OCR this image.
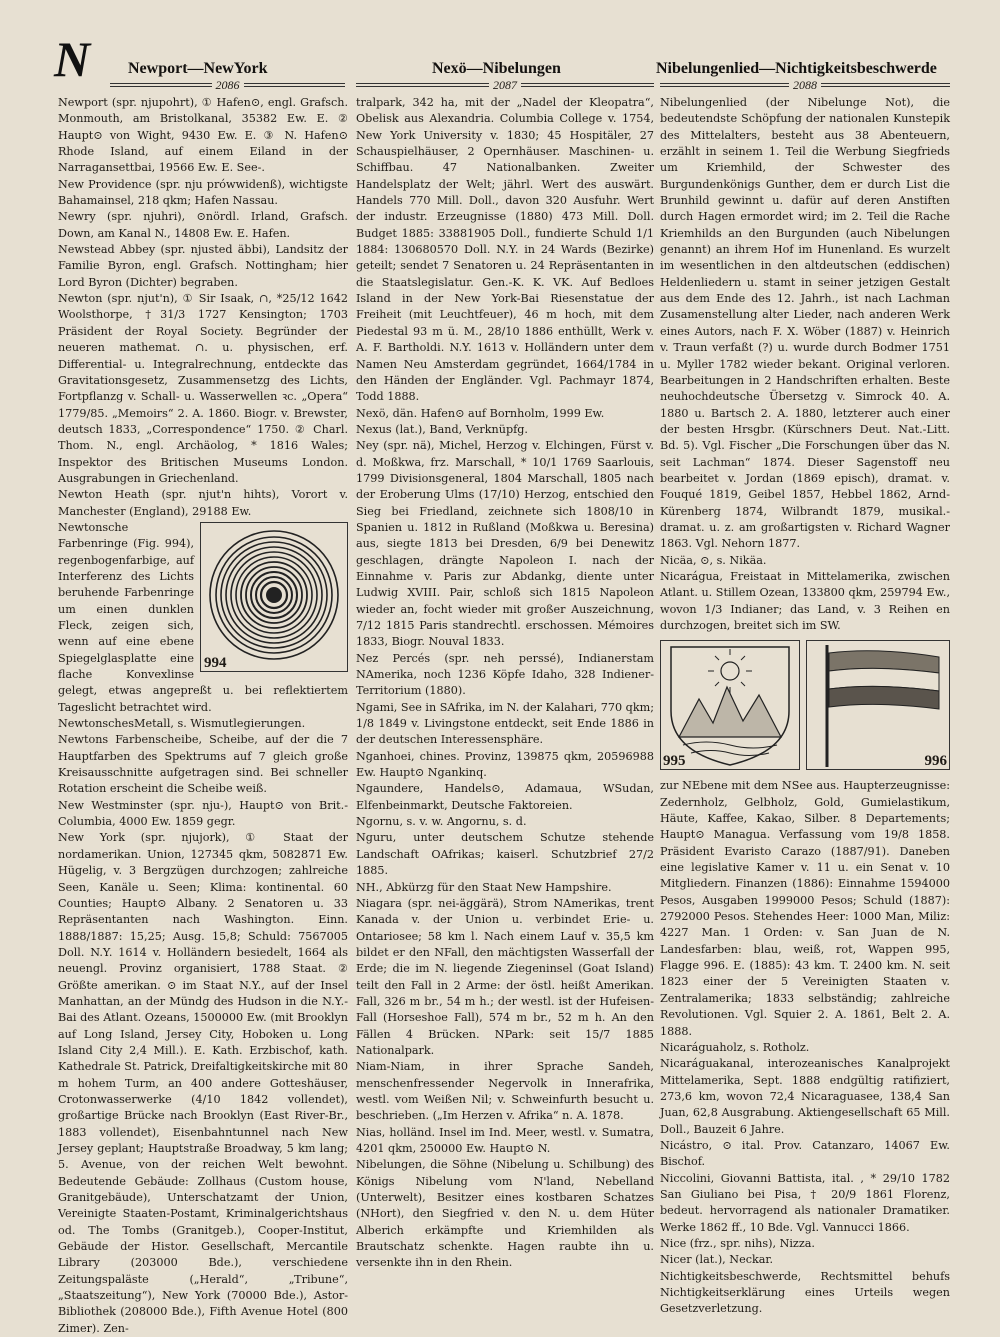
N Newport—NewYork	Nexö—Nibelungen	Nibelungenlied—Nichtigkeitsbeschwerde
2086	2087	2088

Newport (spr. njupohrt), ① Hafen⊙, engl. Grafsch. Monmouth, am Bristolkanal, 35382 Ew. E. ② Haupt⊙ von Wight, 9430 Ew. E. ③ N. Hafen⊙ Rhode Island, auf einem Eiland in der Narragansettbai, 19566 Ew. E. See-.

New Providence (spr. nju prówwidenß), wichtigste Bahamainsel, 218 qkm; Hafen Nassau.

Newry (spr. njuhri), ⊙nördl. Irland, Grafsch. Down, am Kanal N., 14808 Ew. E. Hafen.

Newstead Abbey (spr. njusted äbbi), Landsitz der Familie Byron, engl. Grafsch. Nottingham; hier Lord Byron (Dichter) begraben.

Newton (spr. njut'n), ① Sir Isaak, ∩, *25/12 1642 Woolsthorpe, †31/3 1727 Kensington; 1703 Präsident der Royal Society. Begründer der neueren mathemat. ∩. u. physischen, erf. Differential- u. Integralrechnung, entdeckte das Gravitationsgesetz, Zusammensetzg des Lichts, Fortpflanzg v. Schall- u. Wasserwellen ꝛc. „Opera“ 1779/85. „Memoirs“ 2. A. 1860. Biogr. v. Brewster, deutsch 1833, „Correspondence“ 1750. ② Charl. Thom. N., engl. Archäolog, * 1816 Wales; Inspektor des Britischen Museums London. Ausgrabungen in Griechenland.

Newton Heath (spr. njut'n hihts), Vorort v. Manchester (England), 29188 Ew.

994

Newtonsche Farbenringe (Fig. 994), regenbogenfarbige, auf Interferenz des Lichts beruhende Farbenringe um einen dunklen Fleck, zeigen sich, wenn auf eine ebene Spiegelglasplatte eine flache Konvexlinse gelegt, etwas angepreßt u. bei reflektiertem Tageslicht betrachtet wird.

NewtonschesMetall, s. Wismutlegierungen.

Newtons Farbenscheibe, Scheibe, auf der die 7 Hauptfarben des Spektrums auf 7 gleich große Kreisausschnitte aufgetragen sind. Bei schneller Rotation erscheint die Scheibe weiß.

New Westminster (spr. nju-), Haupt⊙ von Brit.-Columbia, 4000 Ew. 1859 gegr.

New York (spr. njujork), ① Staat der nordamerikan. Union, 127345 qkm, 5082871 Ew. Hügelig, v. 3 Bergzügen durchzogen; zahlreiche Seen, Kanäle u. Seen; Klima: kontinental. 60 Counties; Haupt⊙ Albany. 2 Senatoren u. 33 Repräsentanten nach Washington. Einn. 1888/1887: 15,25; Ausg. 15,8; Schuld: 7567005 Doll. N.Y. 1614 v. Holländern besiedelt, 1664 als neuengl. Provinz organisiert, 1788 Staat. ② Größte amerikan. ⊙ im Staat N.Y., auf der Insel Manhattan, an der Mündg des Hudson in die N.Y.-Bai des Atlant. Ozeans, 1500000 Ew. (mit Brooklyn auf Long Island, Jersey City, Hoboken u. Long Island City 2,4 Mill.). E. Kath. Erzbischof, kath. Kathedrale St. Patrick, Dreifaltigkeitskirche mit 80 m hohem Turm, an 400 andere Gotteshäuser, Crotonwasserwerke (4/10 1842 vollendet), großartige Brücke nach Brooklyn (East River-Br., 1883 vollendet), Eisenbahntunnel nach New Jersey geplant; Hauptstraße Broadway, 5 km lang; 5. Avenue, von der reichen Welt bewohnt. Bedeutende Gebäude: Zollhaus (Custom house, Granitgebäude), Unterschatzamt der Union, Vereinigte Staaten-Postamt, Kriminalgerichtshaus od. The Tombs (Granitgeb.), Cooper-Institut, Gebäude der Histor. Gesellschaft, Mercantile Library (203000 Bde.), verschiedene Zeitungspaläste („Herald“, „Tribune“, „Staatszeitung“), New York (70000 Bde.), Astor-Bibliothek (208000 Bde.), Fifth Avenue Hotel (800 Zimer). Zen-

tralpark, 342 ha, mit der „Nadel der Kleopatra“, Obelisk aus Alexandria. Columbia College v. 1754, New York University v. 1830; 45 Hospitäler, 27 Schauspielhäuser, 2 Opernhäuser. Maschinen- u. Schiffbau. 47 Nationalbanken. Zweiter Handelsplatz der Welt; jährl. Wert des auswärt. Handels 770 Mill. Doll., davon 320 Ausfuhr. Wert der industr. Erzeugnisse (1880) 473 Mill. Doll. Budget 1885: 33881905 Doll., fundierte Schuld 1/1 1884: 130680570 Doll. N.Y. in 24 Wards (Bezirke) geteilt; sendet 7 Senatoren u. 24 Repräsentanten in die Staatslegislatur. Gen.-K. K. VK. Auf Bedloes Island in der New York-Bai Riesenstatue der Freiheit (mit Leuchtfeuer), 46 m hoch, mit dem Piedestal 93 m ü. M., 28/10 1886 enthüllt, Werk v. A. F. Bartholdi. N.Y. 1613 v. Holländern unter dem Namen Neu Amsterdam gegründet, 1664/1784 in den Händen der Engländer. Vgl. Pachmayr 1874, Todd 1888.

Nexö, dän. Hafen⊙ auf Bornholm, 1999 Ew.

Nexus (lat.), Band, Verknüpfg.

Ney (spr. nä), Michel, Herzog v. Elchingen, Fürst v. d. Moßkwa, frz. Marschall, * 10/1 1769 Saarlouis, 1799 Divisionsgeneral, 1804 Marschall, 1805 nach der Eroberung Ulms (17/10) Herzog, entschied den Sieg bei Friedland, zeichnete sich 1808/10 in Spanien u. 1812 in Rußland (Moßkwa u. Beresina) aus, siegte 1813 bei Dresden, 6/9 bei Denewitz geschlagen, drängte Napoleon I. nach der Einnahme v. Paris zur Abdankg, diente unter Ludwig XVIII. Pair, schloß sich 1815 Napoleon wieder an, focht wieder mit großer Auszeichnung, 7/12 1815 Paris standrechtl. erschossen. Mémoires 1833, Biogr. Nouval 1833.

Nez Percés (spr. neh perssé), Indianerstam NAmerika, noch 1236 Köpfe Idaho, 328 Indiener-Territorium (1880).

Ngami, See in SAfrika, im N. der Kalahari, 770 qkm; 1/8 1849 v. Livingstone entdeckt, seit Ende 1886 in der deutschen Interessensphäre.

Nganhoei, chines. Provinz, 139875 qkm, 20596988 Ew. Haupt⊙ Ngankinq.

Ngaundere, Handels⊙, Adamaua, WSudan, Elfenbeinmarkt, Deutsche Faktoreien.

Ngornu, s. v. w. Angornu, s. d.

Nguru, unter deutschem Schutze stehende Landschaft OAfrikas; kaiserl. Schutzbrief 27/2 1885.

NH., Abkürzg für den Staat New Hampshire.

Niagara (spr. nei-äggärä), Strom NAmerikas, trent Kanada v. der Union u. verbindet Erie- u. Ontariosee; 58 km l. Nach einem Lauf v. 35,5 km bildet er den NFall, den mächtigsten Wasserfall der Erde; die im N. liegende Ziegeninsel (Goat Island) teilt den Fall in 2 Arme: der östl. heißt Amerikan. Fall, 326 m br., 54 m h.; der westl. ist der Hufeisen-Fall (Horseshoe Fall), 574 m br., 52 m h. An den Fällen 4 Brücken. NPark: seit 15/7 1885 Nationalpark.

Niam-Niam, in ihrer Sprache Sandeh, menschenfressender Negervolk in Innerafrika, westl. vom Weißen Nil; v. Schweinfurth besucht u. beschrieben. („Im Herzen v. Afrika“ n. A. 1878.

Nias, holländ. Insel im Ind. Meer, westl. v. Sumatra, 4201 qkm, 250000 Ew. Haupt⊙ N.

Nibelungen, die Söhne (Nibelung u. Schilbung) des Königs Nibelung vom N'land, Nebelland (Unterwelt), Besitzer eines kostbaren Schatzes (NHort), den Siegfried v. den N. u. dem Hüter Alberich erkämpfte und Kriemhilden als Brautschatz schenkte. Hagen raubte ihn u. versenkte ihn in den Rhein.

Nibelungenlied (der Nibelunge Not), die bedeutendste Schöpfung der nationalen Kunstepik des Mittelalters, besteht aus 38 Abenteuern, erzählt in seinem 1. Teil die Werbung Siegfrieds um Kriemhild, der Schwester des Burgundenkönigs Gunther, dem er durch List die Brunhild gewinnt u. dafür auf deren Anstiften durch Hagen ermordet wird; im 2. Teil die Rache Kriemhilds an den Burgunden (auch Nibelungen genannt) an ihrem Hof im Hunenland. Es wurzelt im wesentlichen in den altdeutschen (eddischen) Heldenliedern u. stamt in seiner jetzigen Gestalt aus dem Ende des 12. Jahrh., ist nach Lachman Zusamenstellung alter Lieder, nach anderen Werk eines Autors, nach F. X. Wöber (1887) v. Heinrich v. Traun verfaßt (?) u. wurde durch Bodmer 1751 u. Myller 1782 wieder bekant. Original verloren. Bearbeitungen in 2 Handschriften erhalten. Beste neuhochdeutsche Übersetzg v. Simrock 40. A. 1880 u. Bartsch 2. A. 1880, letzterer auch einer der besten Hrsgbr. (Kürschners Deut. Nat.-Litt. Bd. 5). Vgl. Fischer „Die Forschungen über das N. seit Lachman“ 1874. Dieser Sagenstoff neu bearbeitet v. Jordan (1869 episch), dramat. v. Fouqué 1819, Geibel 1857, Hebbel 1862, Arnd-Kürenberg 1874, Wilbrandt 1879, musikal.-dramat. u. z. am großartigsten v. Richard Wagner 1863. Vgl. Nehorn 1877.

Nicäa, ⊙, s. Nikäa.

Nicarágua, Freistaat in Mittelamerika, zwischen Atlant. u. Stillem Ozean, 133800 qkm, 259794 Ew., wovon 1/3 Indianer; das Land, v. 3 Reihen en durchzogen, breitet sich im SW.

995	996

zur NEbene mit dem NSee aus. Haupterzeugnisse: Zedernholz, Gelbholz, Gold, Gumielastikum, Häute, Kaffee, Kakao, Silber. 8 Departements; Haupt⊙ Managua. Verfassung vom 19/8 1858. Präsident Evaristo Carazo (1887/91). Daneben eine legislative Kamer v. 11 u. ein Senat v. 10 Mitgliedern. Finanzen (1886): Einnahme 1594000 Pesos, Ausgaben 1999000 Pesos; Schuld (1887): 2792000 Pesos. Stehendes Heer: 1000 Man, Miliz: 4227 Man. 1 Orden: v. San Juan de N. Landesfarben: blau, weiß, rot, Wappen 995, Flagge 996. E. (1885): 43 km. T. 2400 km. N. seit 1823 einer der 5 Vereinigten Staaten v. Zentralamerika; 1833 selbständig; zahlreiche Revolutionen. Vgl. Squier 2. A. 1861, Belt 2. A. 1888.

Nicaráguaholz, s. Rotholz.

Nicaráguakanal, interozeanisches Kanalprojekt Mittelamerika, Sept. 1888 endgültig ratifiziert, 273,6 km, wovon 72,4 Nicaraguasee, 138,4 San Juan, 62,8 Ausgrabung. Aktiengesellschaft 65 Mill. Doll., Bauzeit 6 Jahre.

Nicástro, ⊙ ital. Prov. Catanzaro, 14067 Ew. Bischof.

Niccolini, Giovanni Battista, ital. , * 29/10 1782 San Giuliano bei Pisa, † 20/9 1861 Florenz, bedeut. hervorragend als nationaler Dramatiker. Werke 1862 ff., 10 Bde. Vgl. Vannucci 1866.

Nice (frz., spr. nihs), Nizza.

Nicer (lat.), Neckar.

Nichtigkeitsbeschwerde, Rechtsmittel behufs Nichtigkeitserklärung eines Urteils wegen Gesetzverletzung.
